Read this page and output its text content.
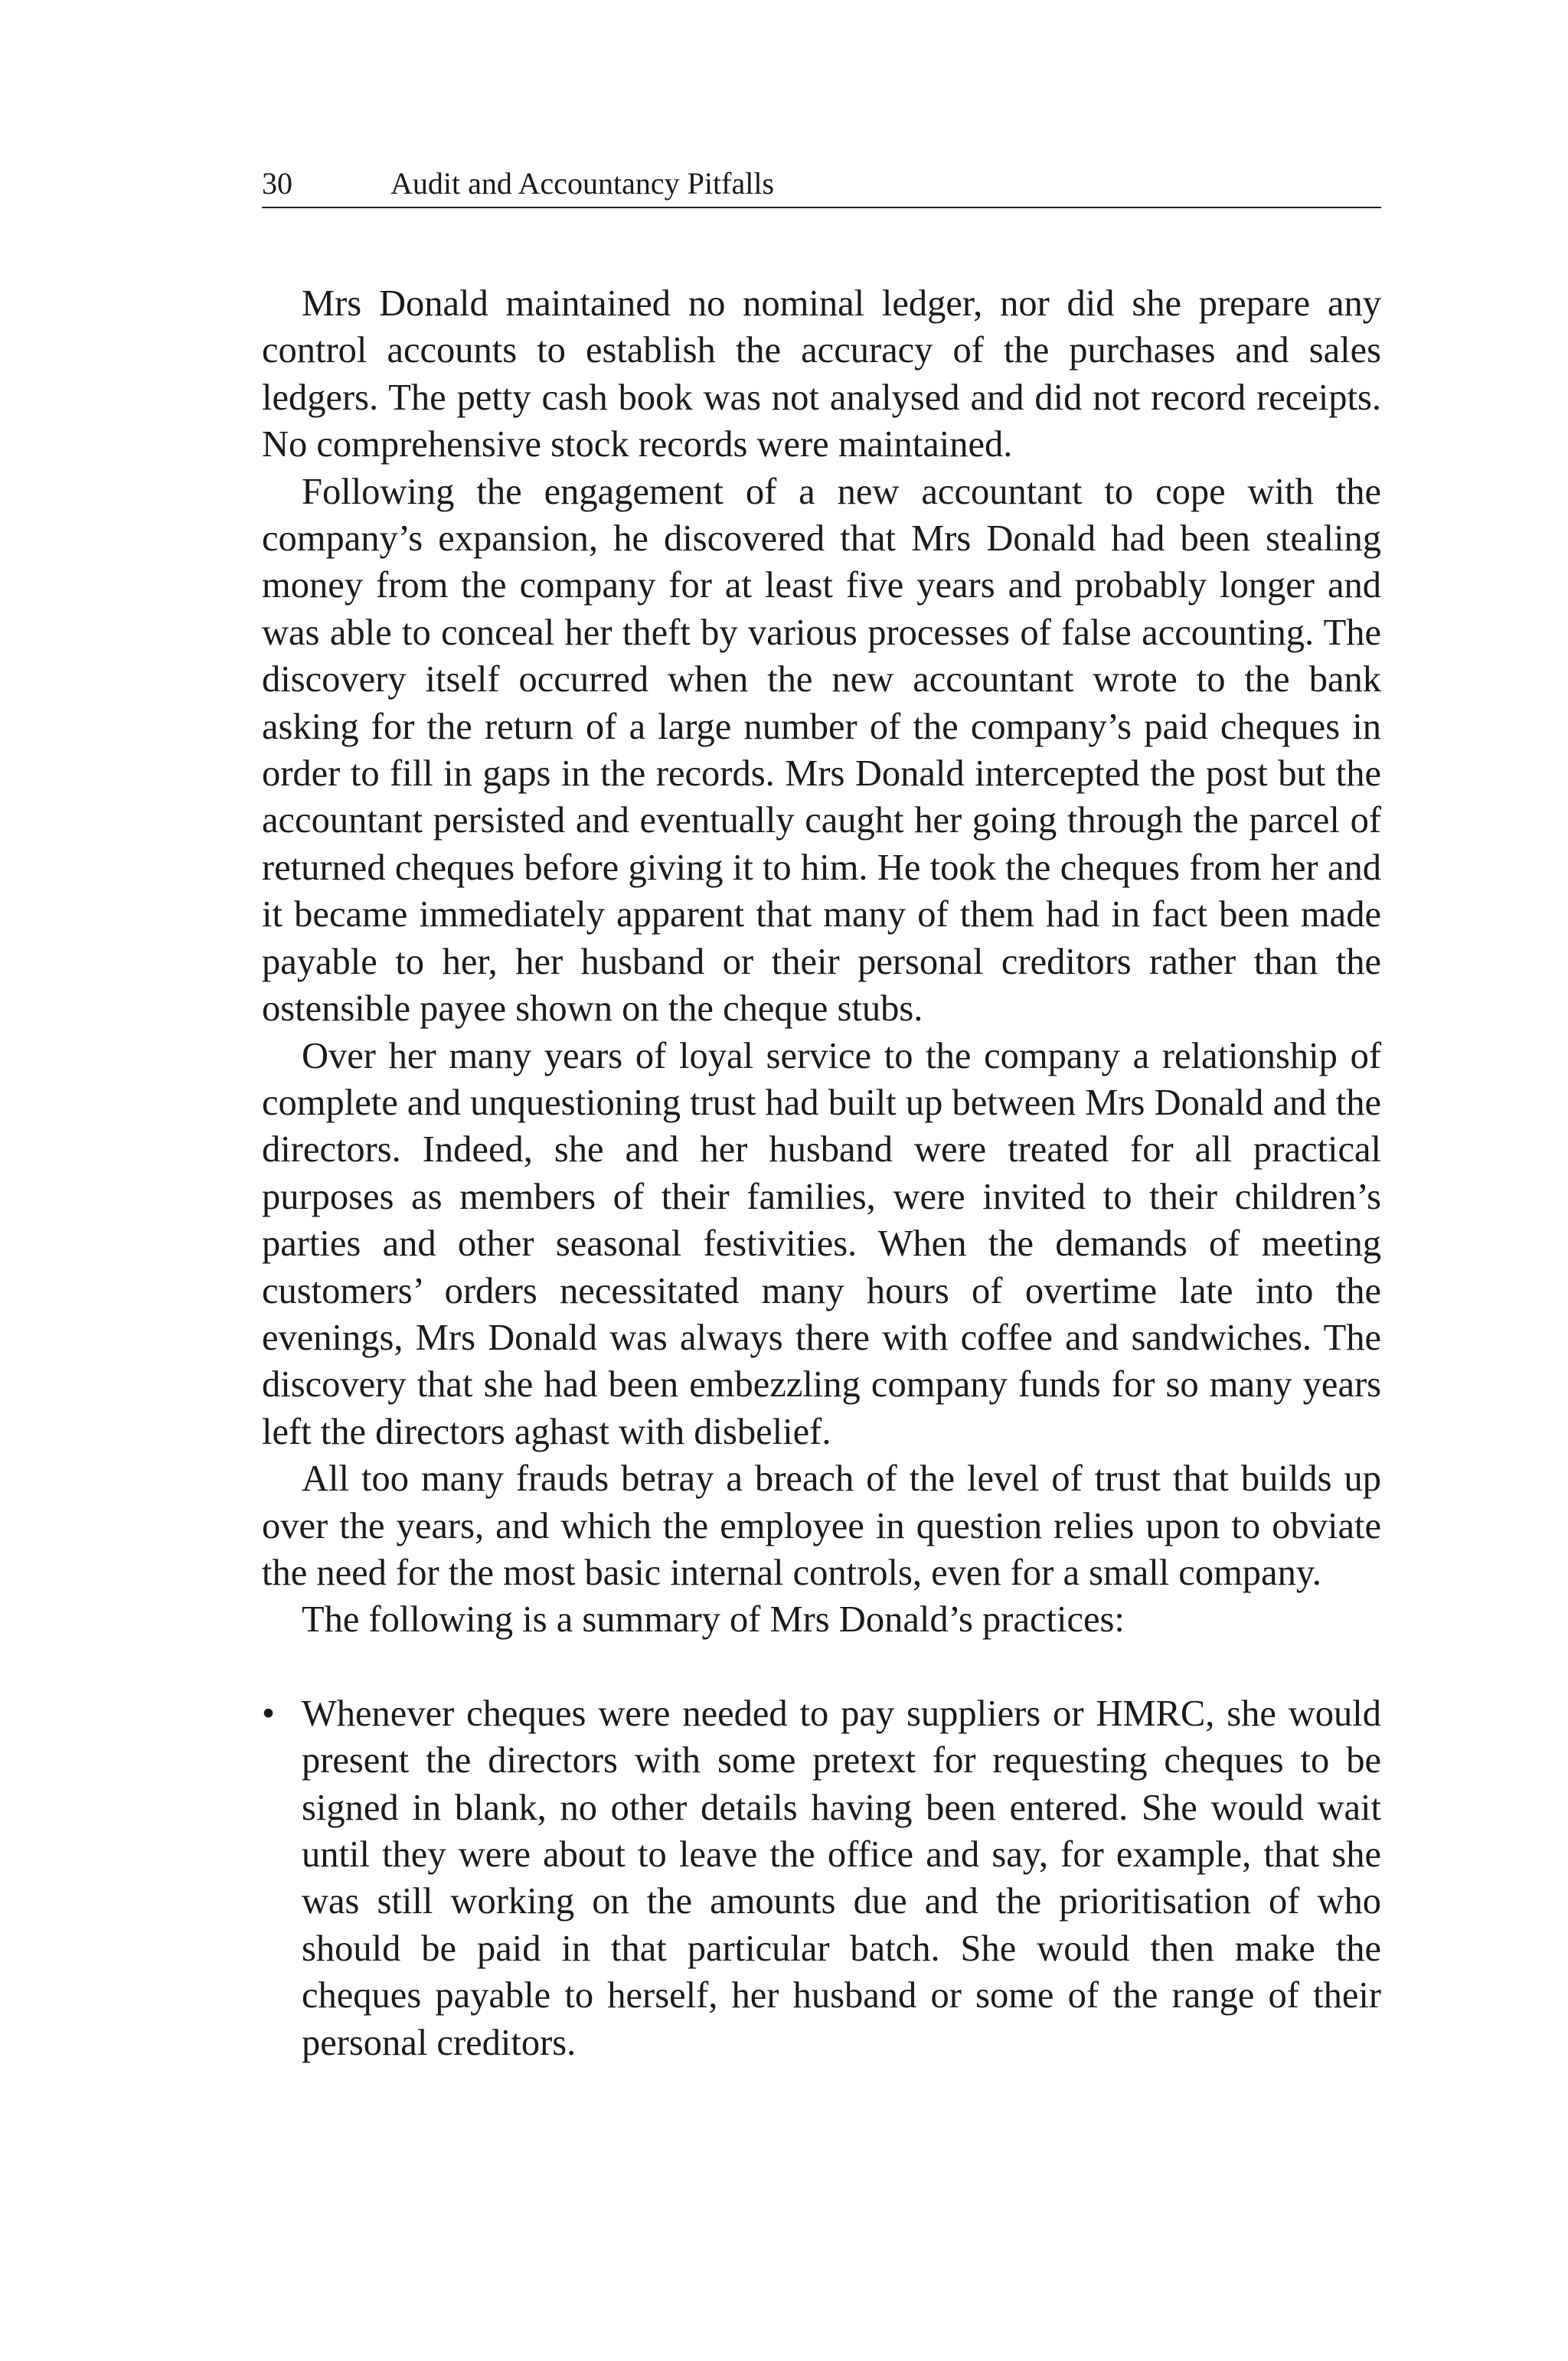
30	Audit and Accountancy Pitfalls

Mrs Donald maintained no nominal ledger, nor did she prepare any control accounts to establish the accuracy of the purchases and sales ledgers. The petty cash book was not analysed and did not record receipts. No comprehensive stock records were maintained.

Following the engagement of a new accountant to cope with the company’s expansion, he discovered that Mrs Donald had been stealing money from the company for at least five years and probably longer and was able to conceal her theft by various processes of false accounting. The discovery itself occurred when the new accountant wrote to the bank asking for the return of a large number of the company’s paid cheques in order to fill in gaps in the records. Mrs Donald intercepted the post but the accountant persisted and eventually caught her going through the parcel of returned cheques before giving it to him. He took the cheques from her and it became immediately apparent that many of them had in fact been made payable to her, her husband or their personal creditors rather than the ostensible payee shown on the cheque stubs.

Over her many years of loyal service to the company a relationship of complete and unquestioning trust had built up between Mrs Donald and the directors. Indeed, she and her husband were treated for all practical purposes as members of their families, were invited to their children’s parties and other seasonal festivities. When the demands of meeting customers’ orders necessitated many hours of overtime late into the evenings, Mrs Donald was always there with coffee and sandwiches. The discovery that she had been embezzling company funds for so many years left the directors aghast with disbelief.

All too many frauds betray a breach of the level of trust that builds up over the years, and which the employee in question relies upon to obviate the need for the most basic internal controls, even for a small company.

The following is a summary of Mrs Donald’s practices:

• Whenever cheques were needed to pay suppliers or HMRC, she would present the directors with some pretext for requesting cheques to be signed in blank, no other details having been entered. She would wait until they were about to leave the office and say, for example, that she was still working on the amounts due and the prioritisation of who should be paid in that particular batch. She would then make the cheques payable to herself, her husband or some of the range of their personal creditors.
